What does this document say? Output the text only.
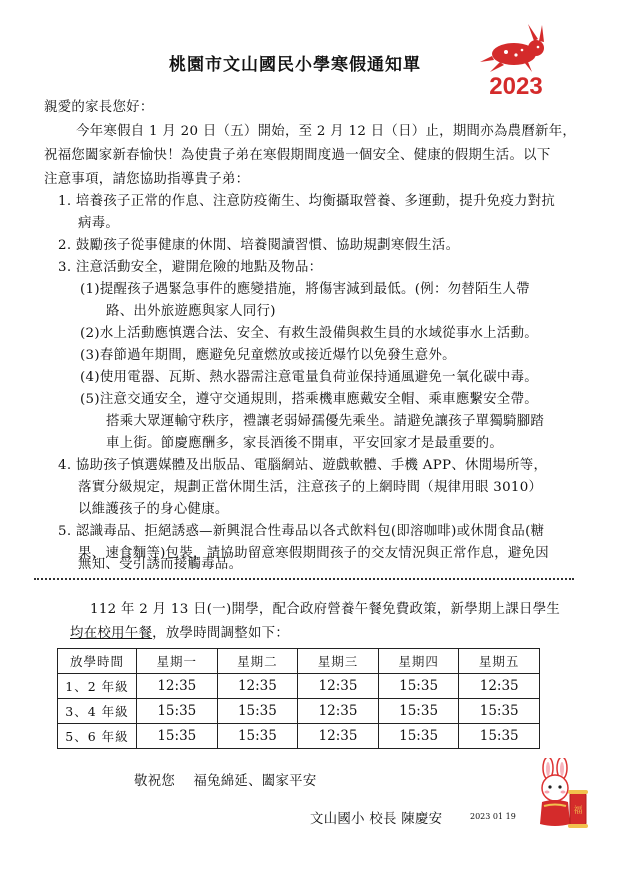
桃園市文山國民小學寒假通知單
2023
親愛的家長您好：
今年寒假自 1 月 20 日（五）開始，至 2 月 12 日（日）止，期間亦為農曆新年，
祝福您闔家新春愉快！為使貴子弟在寒假期間度過一個安全、健康的假期生活。以下
注意事項，請您協助指導貴子弟：
1. 培養孩子正常的作息、注意防疫衛生、均衡攝取營養、多運動，提升免疫力對抗
病毒。
2. 鼓勵孩子從事健康的休閒、培養閱讀習慣、協助規劃寒假生活。
3. 注意活動安全，避開危險的地點及物品：
(1)提醒孩子遇緊急事件的應變措施，將傷害減到最低。(例：勿替陌生人帶
路、出外旅遊應與家人同行)
(2)水上活動應慎選合法、安全、有救生設備與救生員的水域從事水上活動。
(3)春節過年期間，應避免兒童燃放或接近爆竹以免發生意外。
(4)使用電器、瓦斯、熱水器需注意電量負荷並保持通風避免一氧化碳中毒。
(5)注意交通安全，遵守交通規則，搭乘機車應戴安全帽、乘車應繫安全帶。
搭乘大眾運輸守秩序，禮讓老弱婦孺優先乘坐。請避免讓孩子單獨騎腳踏
車上街。節慶應酬多，家長酒後不開車，平安回家才是最重要的。
4. 協助孩子慎選媒體及出版品、電腦網站、遊戲軟體、手機 APP、休閒場所等，
落實分級規定，規劃正當休閒生活，注意孩子的上網時間（規律用眼 3010）
以維護孩子的身心健康。
5. 認識毒品、拒絕誘惑—新興混合性毒品以各式飲料包(即溶咖啡)或休閒食品(糖
果、速食麵等)包裝，請協助留意寒假期間孩子的交友情況與正常作息，避免因
無知、受引誘而接觸毒品。
112 年 2 月 13 日(一)開學，配合政府營養午餐免費政策，新學期上課日學生
均在校用午餐，放學時間調整如下：
放學時間	星期一	星期二	星期三	星期四	星期五
1、2 年級	12:35	12:35	12:35	15:35	12:35
3、4 年級	15:35	15:35	12:35	15:35	15:35
5、6 年級	15:35	15:35	12:35	15:35	15:35
敬祝您　 福兔綿延、闔家平安
福
文山國小 校長 陳慶安	2023 01 19
